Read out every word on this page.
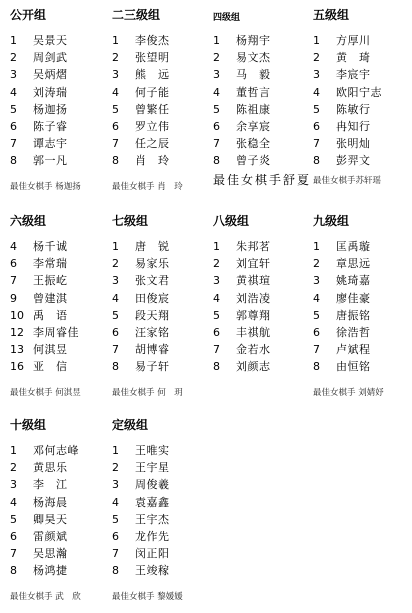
公开组
1	吴景天
2	周剑武
3	吴炳熠
4	刘涛瑞
5	杨迦扬
6	陈子睿
7	谭志宇
8	郭一凡
最佳女棋手 杨迦扬
二三级组
1	李俊杰
2	张望明
3	熊　远
4	何子能
5	曾繁任
6	罗立伟
7	任之辰
8	肖　玲
最佳女棋手 肖　玲
四级组
1	杨翔宇
2	易文杰
3	马　毅
4	董哲言
5	陈祖康
6	余享宸
7	张稳全
8	曾子炎
最佳女棋手舒夏
五级组
1	方厚川
2	黄　琦
3	李宸宇
4	欧阳宁志
5	陈敏行
6	冉知行
7	张明灿
8	彭羿文
最佳女棋手苏轩瑶
六级组
4	杨千诚
6	李常瑞
7	王振屹
9	曾建淇
10 禹　语
12 李周睿佳
13 何淇昱
16 亚　信
最佳女棋手 何淇昱
七级组
1	唐　锐
2	易家乐
3	张文君
4	田俊宸
5	段天翔
6	汪家铭
7	胡博睿
8	易子轩
最佳女棋手 何　玥
八级组
1	朱邦茗
2	刘宜轩
3	黄祺瑄
4	刘浩凌
5	郭尊翔
6	丰祺航
7	金若水
8	刘颜志
九级组
1	匡禹璇
2	章思远
3	姚琦嘉
4	廖佳豪
5	唐振铭
6	徐浩哲
7	卢斌程
8	由恒铭
最佳女棋手 刘婧妤
十级组
1	邓何志峰
2	黄思乐
3	李　江
4	杨海晨
5	卿昊天
6	雷颜斌
7	吴思瀚
8	杨鸿捷
最佳女棋手 武　欣
定级组
1	王唯实
2	王宇星
3	周俊羲
4	袁嘉鑫
5	王宇杰
6	龙作先
7	闵正阳
8	王竣稼
最佳女棋手 黎媛媛
